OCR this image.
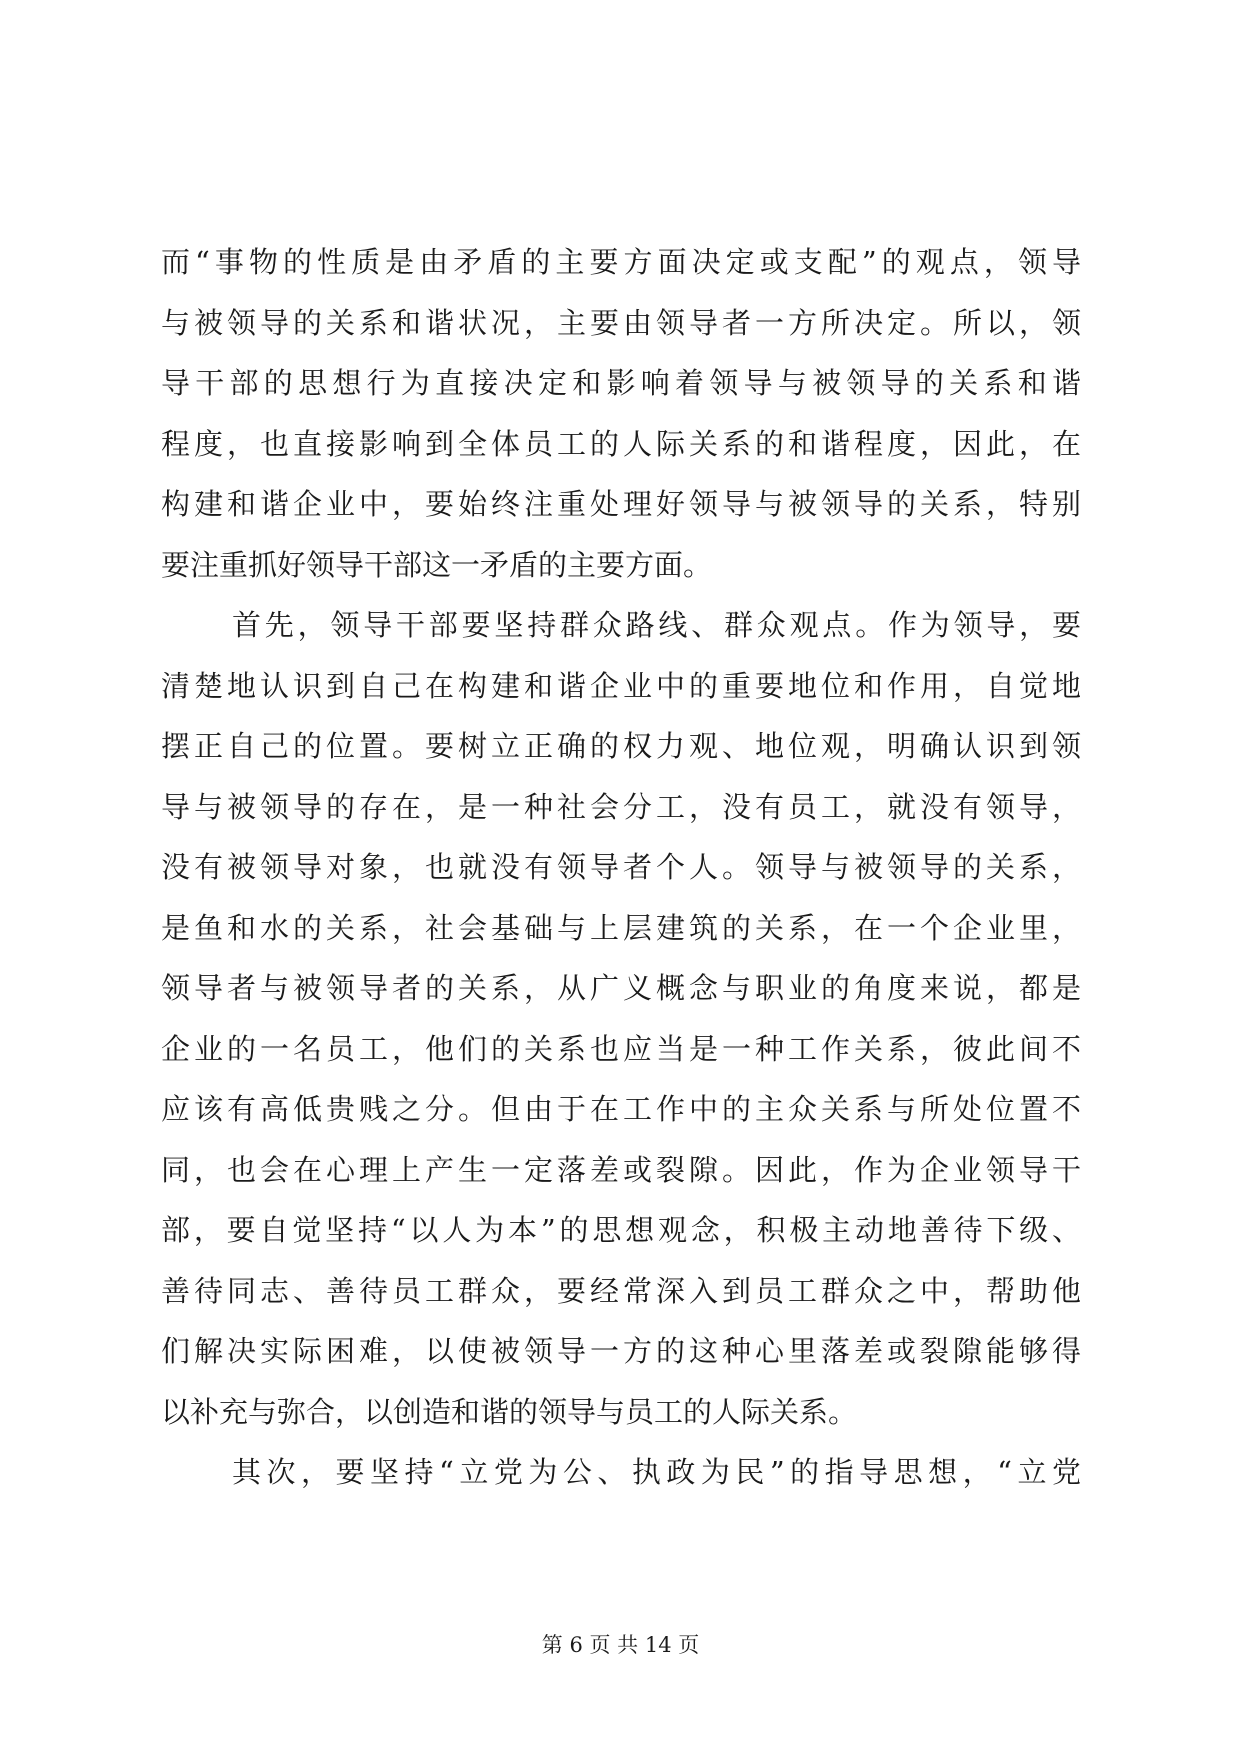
而“事物的性质是由矛盾的主要方面决定或支配”的观点，领导
与被领导的关系和谐状况，主要由领导者一方所决定。所以，领
导干部的思想行为直接决定和影响着领导与被领导的关系和谐
程度，也直接影响到全体员工的人际关系的和谐程度，因此，在
构建和谐企业中，要始终注重处理好领导与被领导的关系，特别
要注重抓好领导干部这一矛盾的主要方面。
首先，领导干部要坚持群众路线、群众观点。作为领导，要
清楚地认识到自己在构建和谐企业中的重要地位和作用，自觉地
摆正自己的位置。要树立正确的权力观、地位观，明确认识到领
导与被领导的存在，是一种社会分工，没有员工，就没有领导，
没有被领导对象，也就没有领导者个人。领导与被领导的关系，
是鱼和水的关系，社会基础与上层建筑的关系，在一个企业里，
领导者与被领导者的关系，从广义概念与职业的角度来说，都是
企业的一名员工，他们的关系也应当是一种工作关系，彼此间不
应该有高低贵贱之分。但由于在工作中的主众关系与所处位置不
同，也会在心理上产生一定落差或裂隙。因此，作为企业领导干
部，要自觉坚持“以人为本”的思想观念，积极主动地善待下级、
善待同志、善待员工群众，要经常深入到员工群众之中，帮助他
们解决实际困难，以使被领导一方的这种心里落差或裂隙能够得
以补充与弥合，以创造和谐的领导与员工的人际关系。
其次，要坚持“立党为公、执政为民”的指导思想，“立党
第 6 页 共 14 页
